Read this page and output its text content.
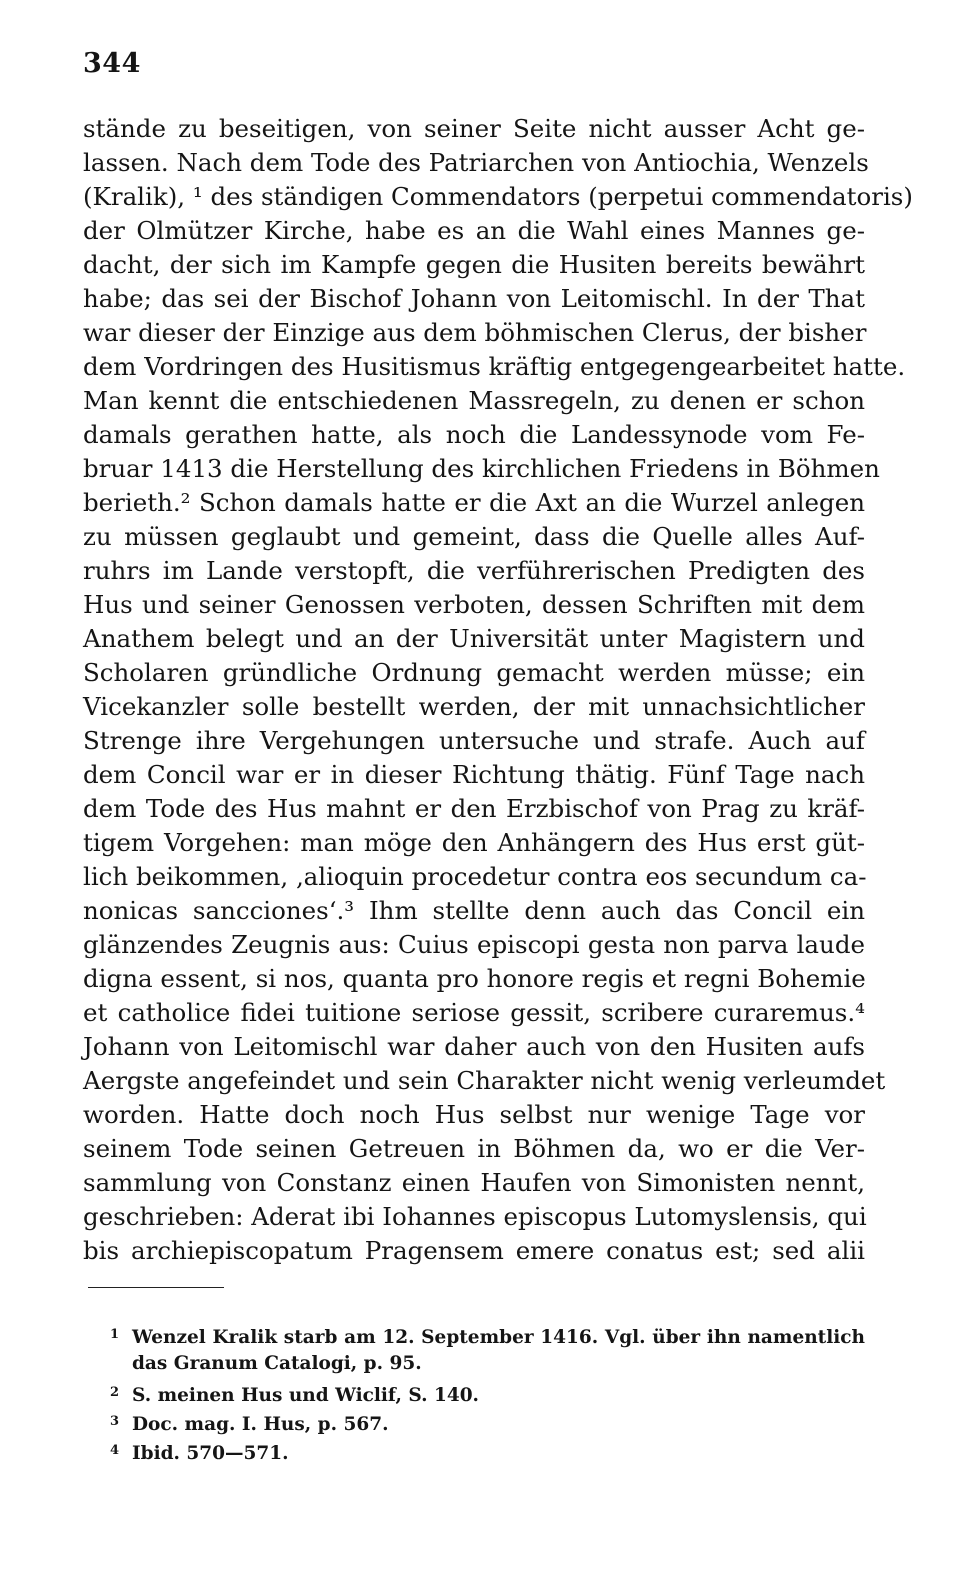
344
stände zu beseitigen, von seiner Seite nicht ausser Acht ge-
lassen. Nach dem Tode des Patriarchen von Antiochia, Wenzels
(Kralik), ¹ des ständigen Commendators (perpetui commendatoris)
der Olmützer Kirche, habe es an die Wahl eines Mannes ge-
dacht, der sich im Kampfe gegen die Husiten bereits bewährt
habe; das sei der Bischof Johann von Leitomischl. In der That
war dieser der Einzige aus dem böhmischen Clerus, der bisher
dem Vordringen des Husitismus kräftig entgegengearbeitet hatte.
Man kennt die entschiedenen Massregeln, zu denen er schon
damals gerathen hatte, als noch die Landessynode vom Fe-
bruar 1413 die Herstellung des kirchlichen Friedens in Böhmen
berieth.² Schon damals hatte er die Axt an die Wurzel anlegen
zu müssen geglaubt und gemeint, dass die Quelle alles Auf-
ruhrs im Lande verstopft, die verführerischen Predigten des
Hus und seiner Genossen verboten, dessen Schriften mit dem
Anathem belegt und an der Universität unter Magistern und
Scholaren gründliche Ordnung gemacht werden müsse; ein
Vicekanzler solle bestellt werden, der mit unnachsichtlicher
Strenge ihre Vergehungen untersuche und strafe. Auch auf
dem Concil war er in dieser Richtung thätig. Fünf Tage nach
dem Tode des Hus mahnt er den Erzbischof von Prag zu kräf-
tigem Vorgehen: man möge den Anhängern des Hus erst güt-
lich beikommen, ‚alioquin procedetur contra eos secundum ca-
nonicas sancciones‘.³ Ihm stellte denn auch das Concil ein
glänzendes Zeugnis aus: Cuius episcopi gesta non parva laude
digna essent, si nos, quanta pro honore regis et regni Bohemie
et catholice fidei tuitione seriose gessit, scribere curaremus.⁴
Johann von Leitomischl war daher auch von den Husiten aufs
Aergste angefeindet und sein Charakter nicht wenig verleumdet
worden. Hatte doch noch Hus selbst nur wenige Tage vor
seinem Tode seinen Getreuen in Böhmen da, wo er die Ver-
sammlung von Constanz einen Haufen von Simonisten nennt,
geschrieben: Aderat ibi Iohannes episcopus Lutomyslensis, qui
bis archiepiscopatum Pragensem emere conatus est; sed alii
1 Wenzel Kralik starb am 12. September 1416. Vgl. über ihn namentlich
das Granum Catalogi, p. 95.
2 S. meinen Hus und Wiclif, S. 140.
3 Doc. mag. I. Hus, p. 567.
4 Ibid. 570—571.
